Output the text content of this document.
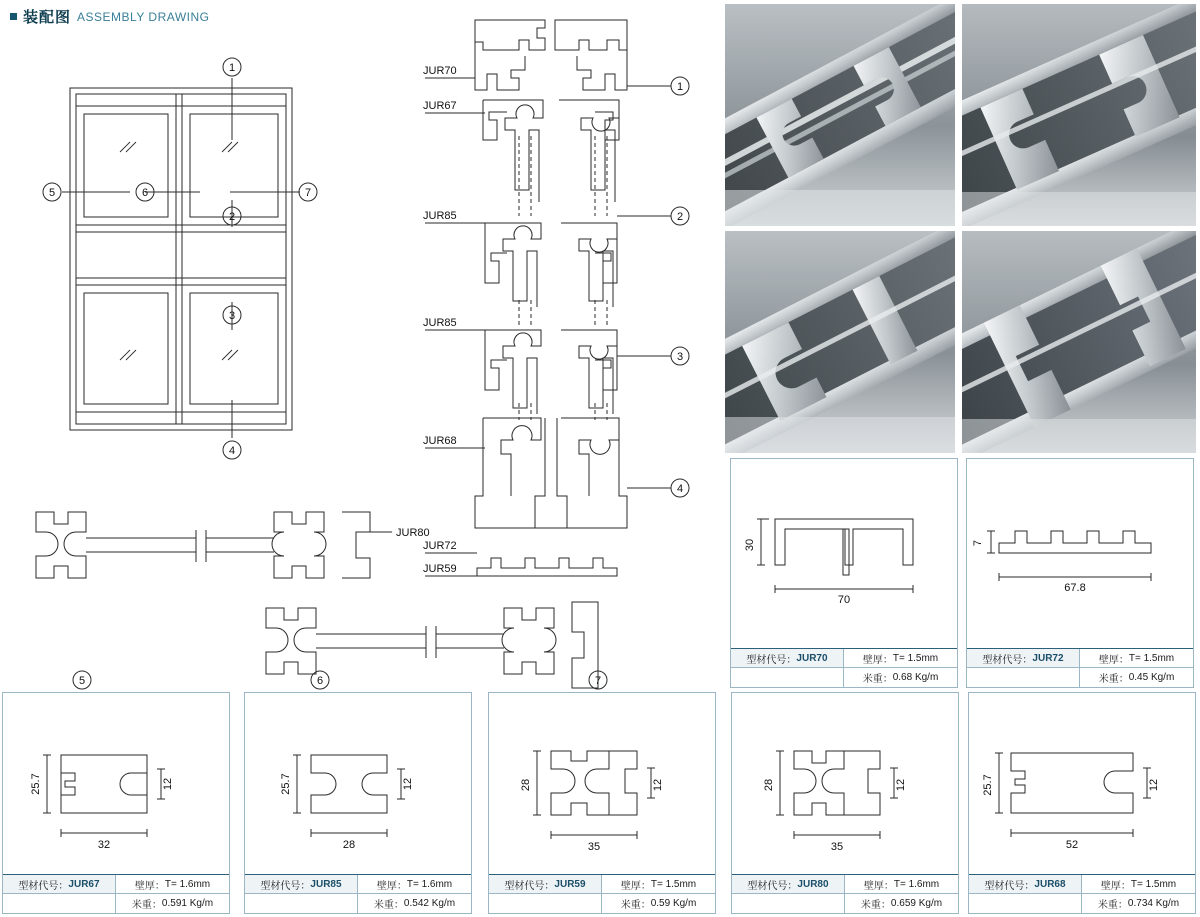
装配图 ASSEMBLY DRAWING
1
2
3
4
5	6	7
JUR70
JUR67
JUR85
JUR85
JUR68
JUR72
JUR59
1
2
3
4
JUR80
5	6	7
30
70
型材代号： JUR70	壁厚： T= 1.5mm
米重： 0.68 Kg/m
7
67.8
型材代号： JUR72	壁厚： T= 1.5mm
米重： 0.45 Kg/m
25.7	12
32
型材代号： JUR67	壁厚： T= 1.6mm
米重： 0.591 Kg/m
25.7	12
28
型材代号： JUR85	壁厚： T= 1.6mm
米重： 0.542 Kg/m
28	12
35
型材代号： JUR59	壁厚： T= 1.5mm
米重： 0.59 Kg/m
28	12
35
型材代号： JUR80	壁厚： T= 1.6mm
米重： 0.659 Kg/m
25.7	12
52
型材代号： JUR68	壁厚： T= 1.5mm
米重： 0.734 Kg/m
